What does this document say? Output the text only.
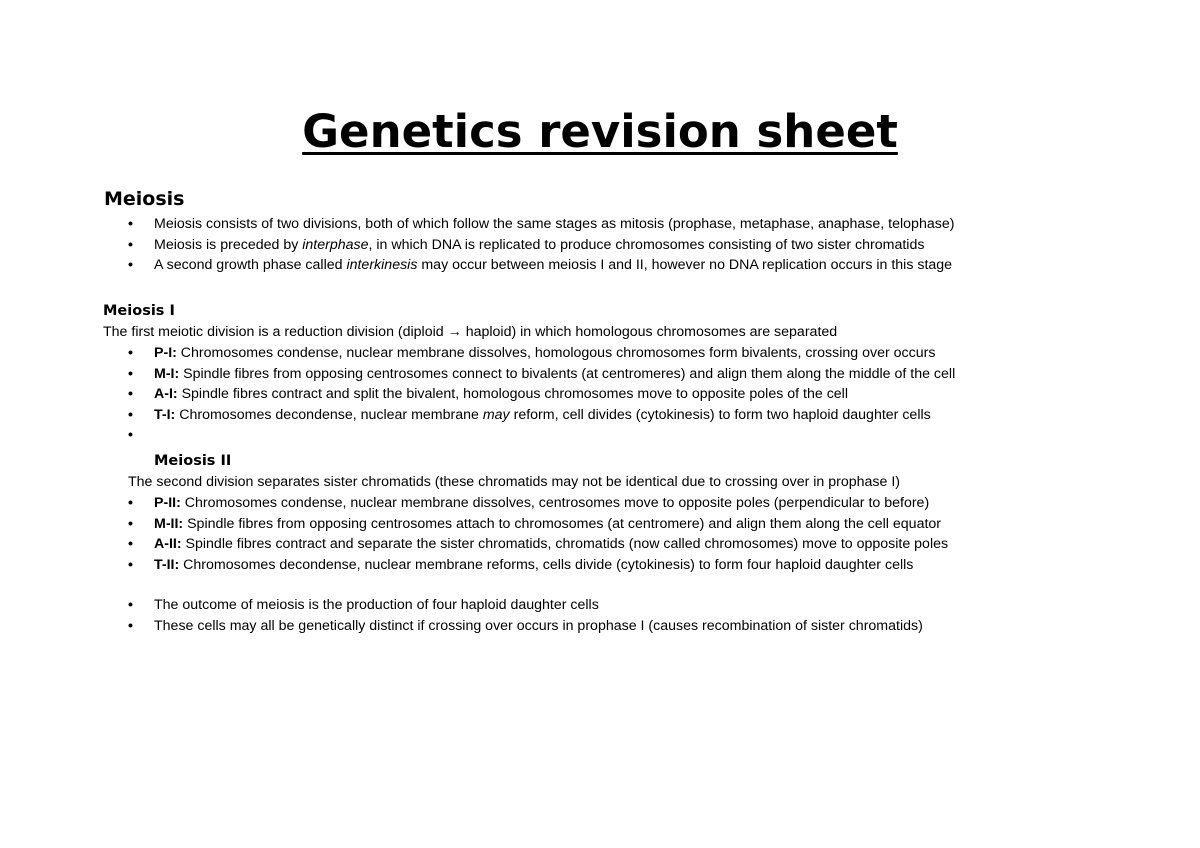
Genetics revision sheet
Meiosis
• Meiosis consists of two divisions, both of which follow the same stages as mitosis (prophase, metaphase, anaphase, telophase)
• Meiosis is preceded by interphase, in which DNA is replicated to produce chromosomes consisting of two sister chromatids
• A second growth phase called interkinesis may occur between meiosis I and II, however no DNA replication occurs in this stage
Meiosis I

The first meiotic division is a reduction division (diploid → haploid) in which homologous chromosomes are separated

• P-I: Chromosomes condense, nuclear membrane dissolves, homologous chromosomes form bivalents, crossing over occurs
• M-I: Spindle fibres from opposing centrosomes connect to bivalents (at centromeres) and align them along the middle of the cell
• A-I: Spindle fibres contract and split the bivalent, homologous chromosomes move to opposite poles of the cell
• T-I: Chromosomes decondense, nuclear membrane may reform, cell divides (cytokinesis) to form two haploid daughter cells
•
Meiosis II

The second division separates sister chromatids (these chromatids may not be identical due to crossing over in prophase I)

• P-II: Chromosomes condense, nuclear membrane dissolves, centrosomes move to opposite poles (perpendicular to before)
• M-II: Spindle fibres from opposing centrosomes attach to chromosomes (at centromere) and align them along the cell equator
• A-II: Spindle fibres contract and separate the sister chromatids, chromatids (now called chromosomes) move to opposite poles
• T-II: Chromosomes decondense, nuclear membrane reforms, cells divide (cytokinesis) to form four haploid daughter cells
• The outcome of meiosis is the production of four haploid daughter cells
• These cells may all be genetically distinct if crossing over occurs in prophase I (causes recombination of sister chromatids)
